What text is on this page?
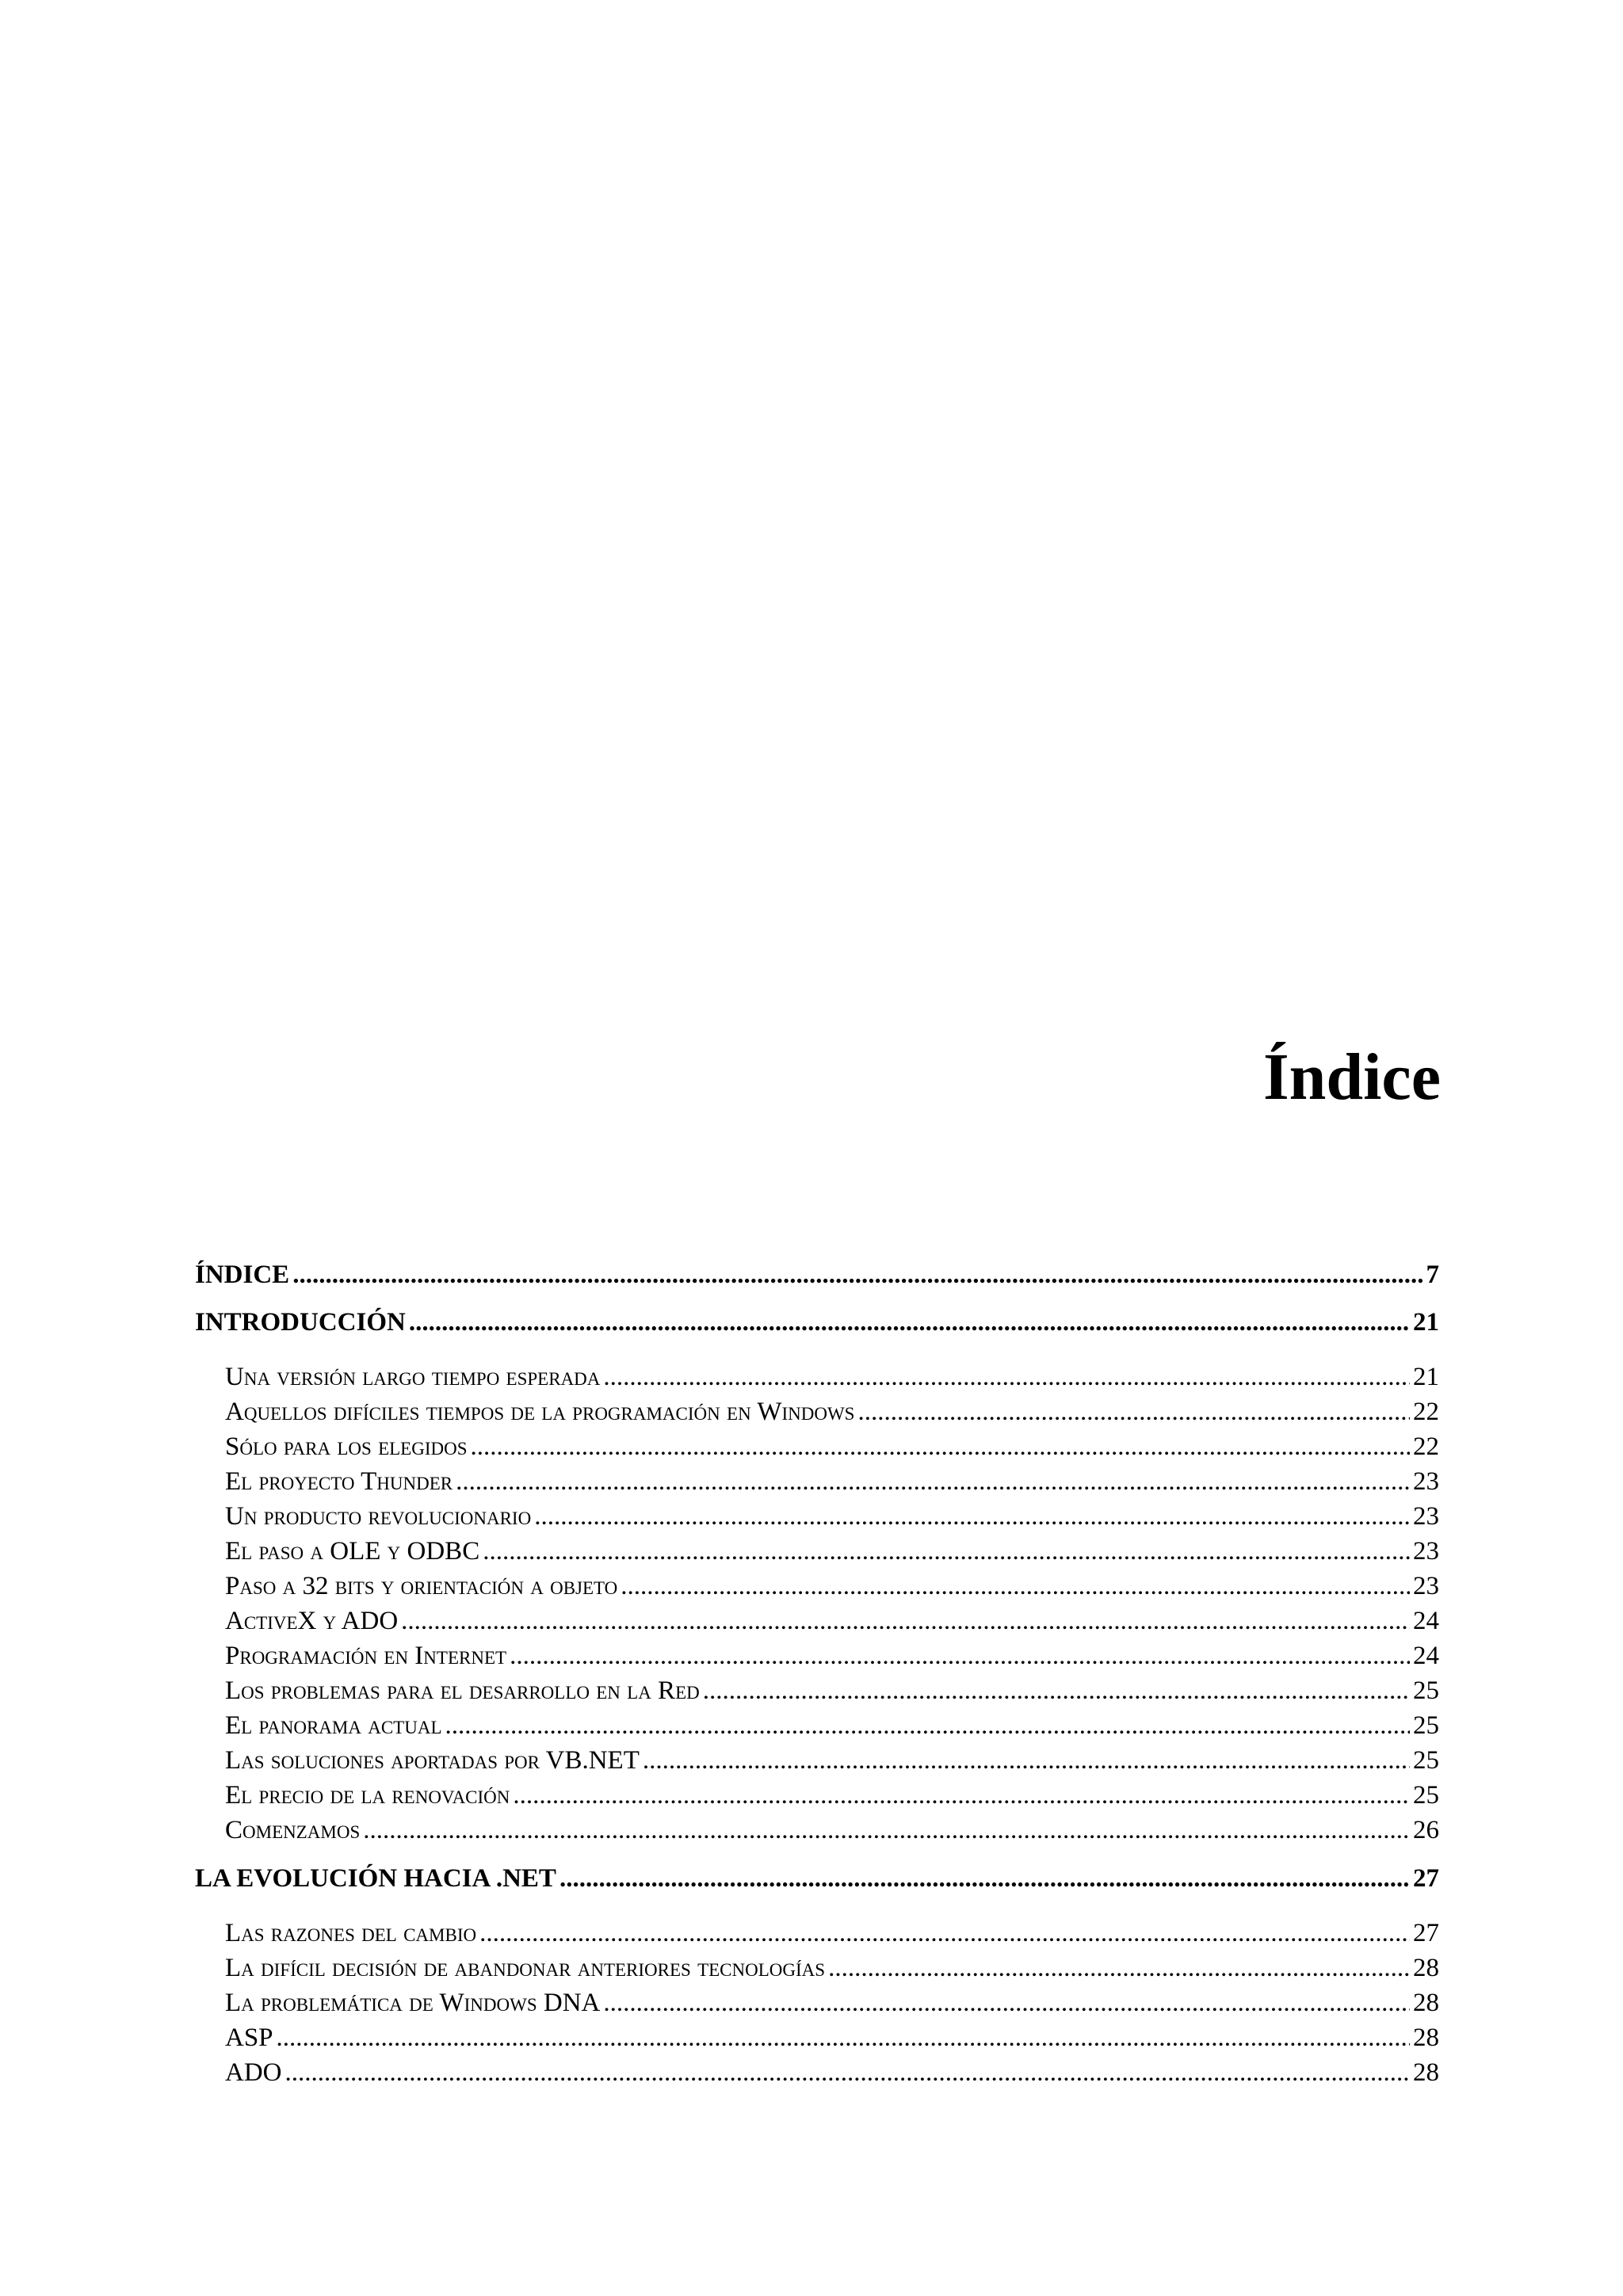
Índice
ÍNDICE .....	7
INTRODUCCIÓN .....	21
Una versión largo tiempo esperada .....	21
Aquellos difíciles tiempos de la programación en Windows .....	22
Sólo para los elegidos .....	22
El proyecto Thunder .....	23
Un producto revolucionario .....	23
El paso a OLE y ODBC .....	23
Paso a 32 bits y orientación a objeto .....	23
ActiveX y ADO .....	24
Programación en Internet .....	24
Los problemas para el desarrollo en la Red .....	25
El panorama actual .....	25
Las soluciones aportadas por VB.NET .....	25
El precio de la renovación .....	25
Comenzamos .....	26
LA EVOLUCIÓN HACIA .NET .....	27
Las razones del cambio .....	27
La difícil decisión de abandonar anteriores tecnologías .....	28
La problemática de Windows DNA .....	28
ASP .....	28
ADO .....	28
